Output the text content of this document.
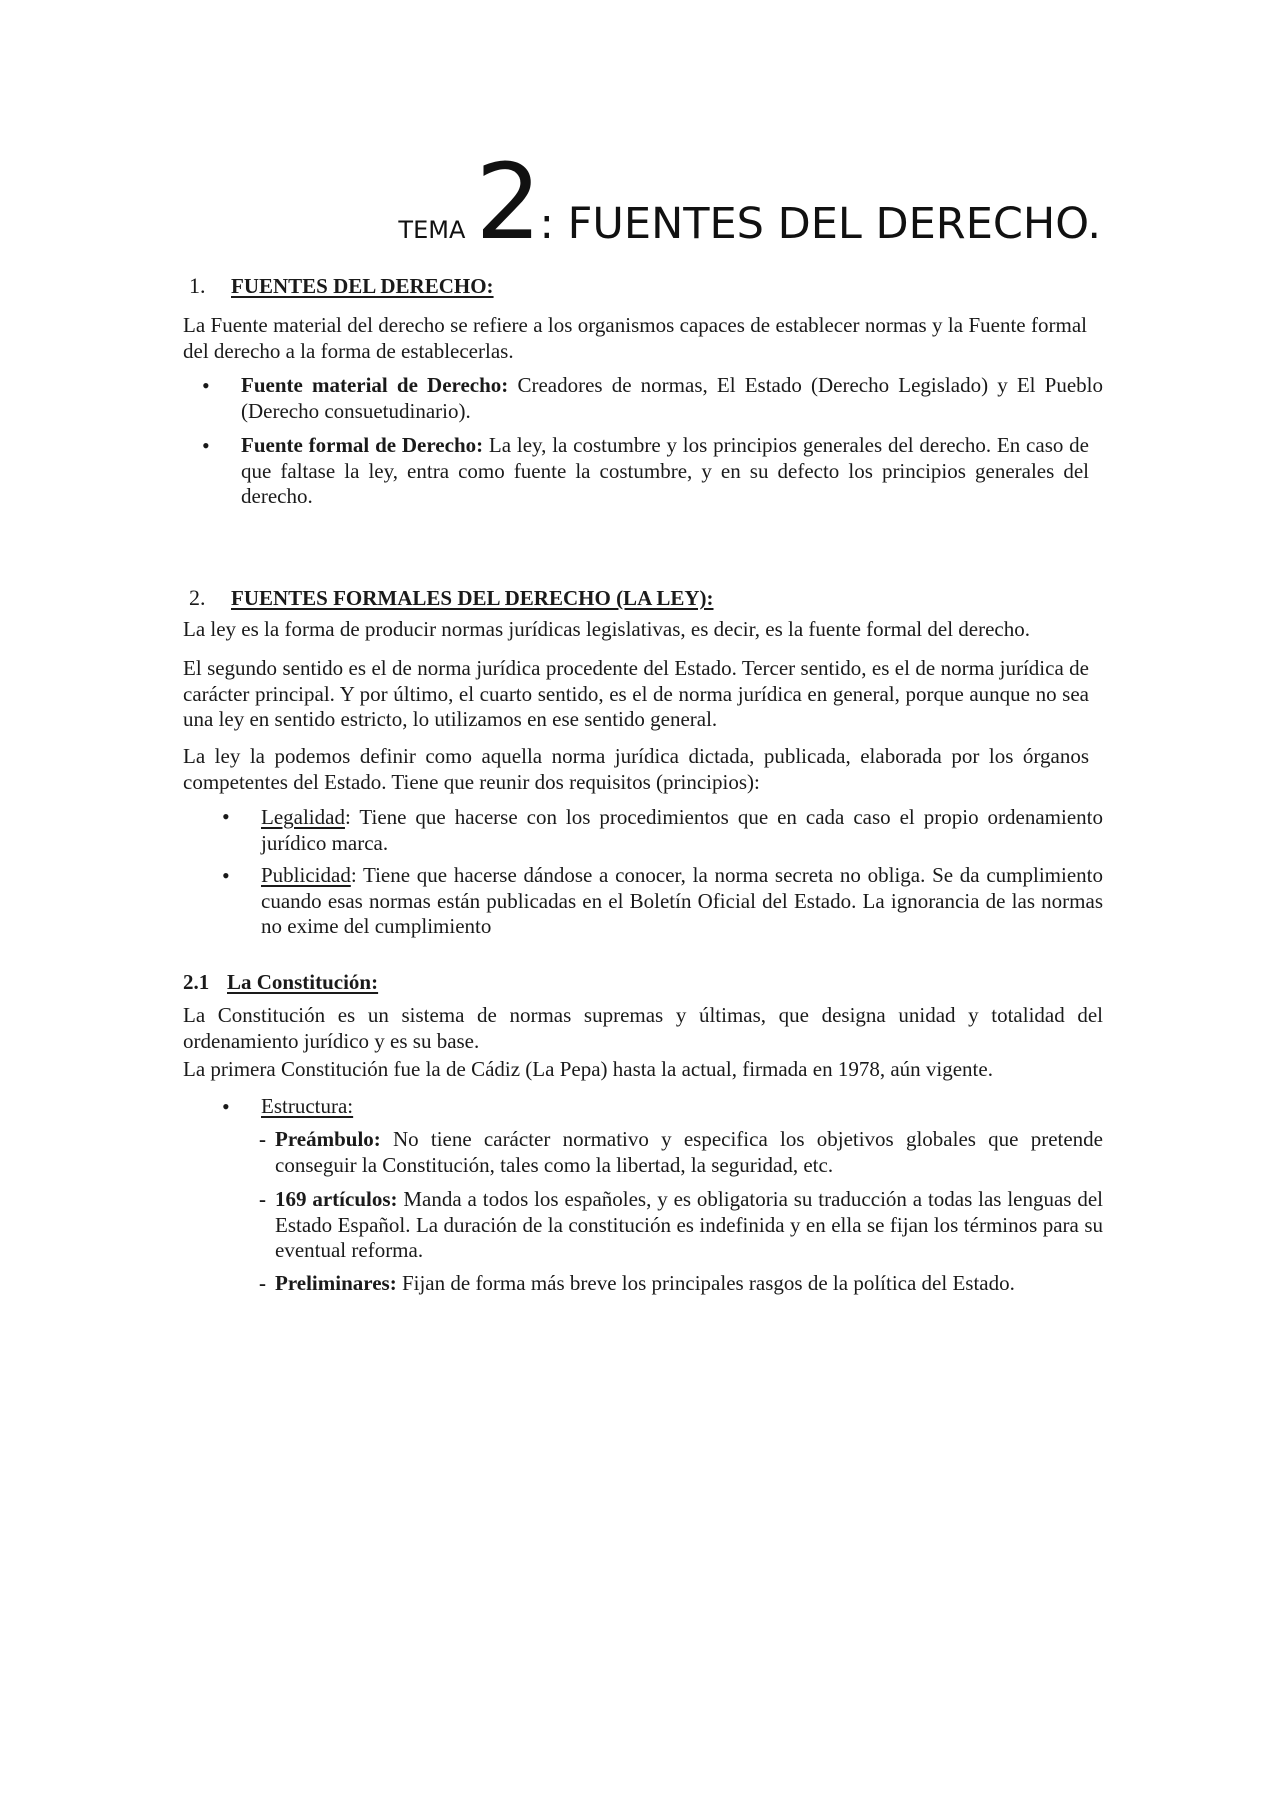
TEMA2: FUENTES DEL DERECHO.
1. FUENTES DEL DERECHO:
La Fuente material del derecho se refiere a los organismos capaces de establecer normas y la Fuente formal del derecho a la forma de establecerlas.
• Fuente material de Derecho: Creadores de normas, El Estado (Derecho Legislado) y El Pueblo (Derecho consuetudinario).
• Fuente formal de Derecho: La ley, la costumbre y los principios generales del derecho. En caso de que faltase la ley, entra como fuente la costumbre, y en su defecto los principios generales del derecho.
2. FUENTES FORMALES DEL DERECHO (LA LEY):
La ley es la forma de producir normas jurídicas legislativas, es decir, es la fuente formal del derecho.
El segundo sentido es el de norma jurídica procedente del Estado. Tercer sentido, es el de norma jurídica de carácter principal. Y por último, el cuarto sentido, es el de norma jurídica en general, porque aunque no sea una ley en sentido estricto, lo utilizamos en ese sentido general.
La ley la podemos definir como aquella norma jurídica dictada, publicada, elaborada por los órganos competentes del Estado. Tiene que reunir dos requisitos (principios):
• Legalidad: Tiene que hacerse con los procedimientos que en cada caso el propio ordenamiento jurídico marca.
• Publicidad: Tiene que hacerse dándose a conocer, la norma secreta no obliga. Se da cumplimiento cuando esas normas están publicadas en el Boletín Oficial del Estado. La ignorancia de las normas no exime del cumplimiento
2.1 La Constitución:
La Constitución es un sistema de normas supremas y últimas, que designa unidad y totalidad del ordenamiento jurídico y es su base.
La primera Constitución fue la de Cádiz (La Pepa) hasta la actual, firmada en 1978, aún vigente.
• Estructura:
- Preámbulo: No tiene carácter normativo y especifica los objetivos globales que pretende conseguir la Constitución, tales como la libertad, la seguridad, etc.
- 169 artículos: Manda a todos los españoles, y es obligatoria su traducción a todas las lenguas del Estado Español. La duración de la constitución es indefinida y en ella se fijan los términos para su eventual reforma.
- Preliminares: Fijan de forma más breve los principales rasgos de la política del Estado.
